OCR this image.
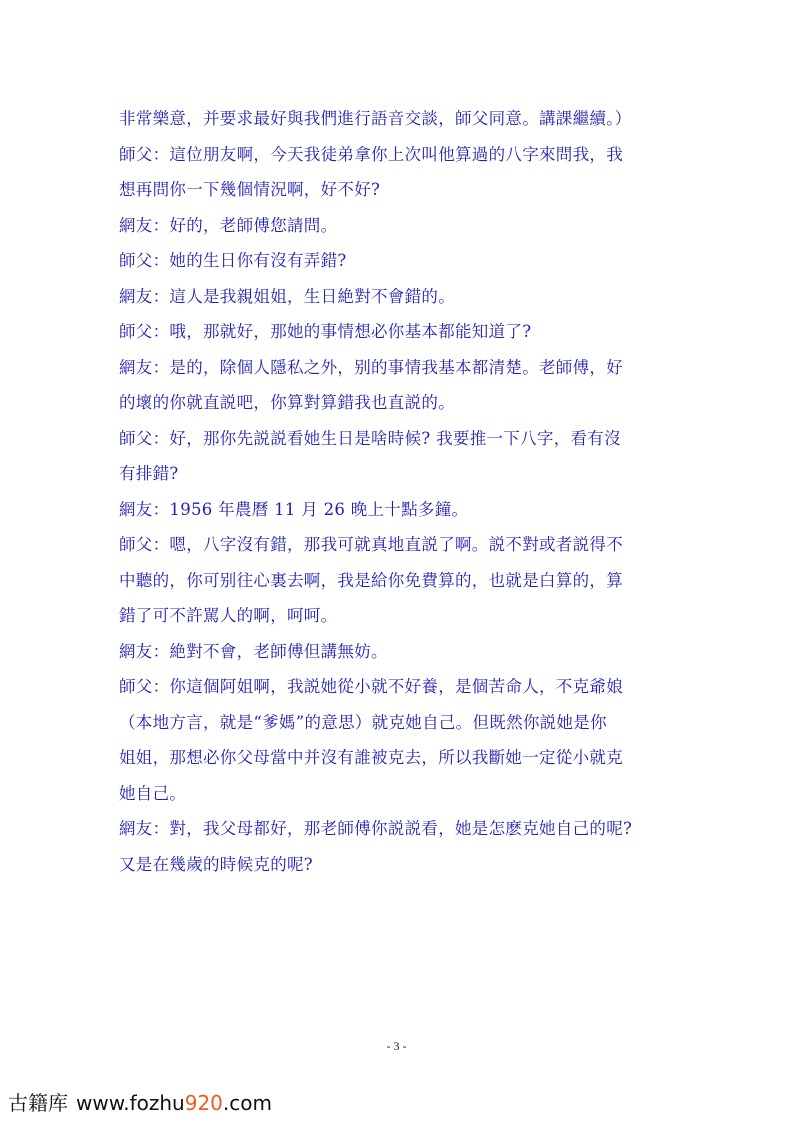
非常樂意，并要求最好與我們進行語音交談，師父同意。講課繼續。）
師父：這位朋友啊，今天我徒弟拿你上次叫他算過的八字來問我，我
想再問你一下幾個情況啊，好不好?
網友：好的，老師傅您請問。
師父：她的生日你有沒有弄錯?
網友：這人是我親姐姐，生日絶對不會錯的。
師父：哦，那就好，那她的事情想必你基本都能知道了?
網友：是的，除個人隱私之外，别的事情我基本都清楚。老師傅，好
的壞的你就直説吧，你算對算錯我也直説的。
師父：好，那你先説説看她生日是啥時候? 我要推一下八字，看有沒
有排錯?
網友：1956 年農曆 11 月 26 晚上十點多鐘。
師父：嗯，八字沒有錯，那我可就真地直説了啊。説不對或者説得不
中聽的，你可别往心裏去啊，我是給你免費算的，也就是白算的，算
錯了可不許駡人的啊，呵呵。
網友：絶對不會，老師傅但講無妨。
師父：你這個阿姐啊，我説她從小就不好養，是個苦命人，不克爺娘
（本地方言，就是“爹媽”的意思）就克她自己。但既然你説她是你
姐姐，那想必你父母當中并沒有誰被克去，所以我斷她一定從小就克
她自己。
網友：對，我父母都好，那老師傅你説説看，她是怎麽克她自己的呢?
又是在幾歲的時候克的呢?
- 3 -
古籍库 www.fozhu920.com
